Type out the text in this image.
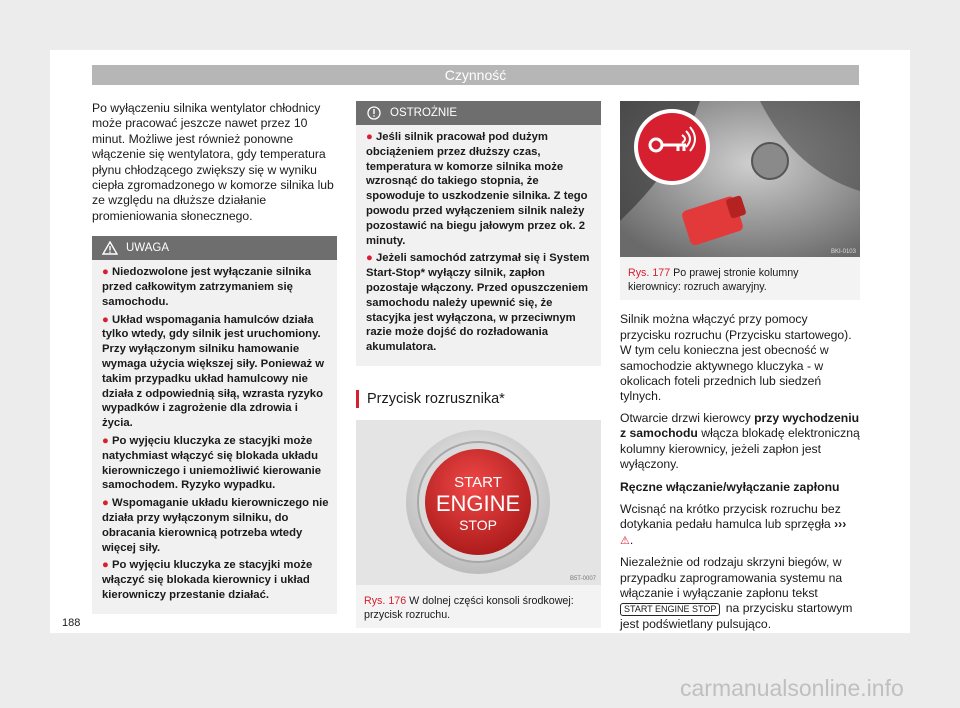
Czynność

Po wyłączeniu silnika wentylator chłodnicy może pracować jeszcze nawet przez 10 minut. Możliwe jest również ponowne włączenie się wentylatora, gdy temperatura płynu chłodzącego zwiększy się w wyniku ciepła zgromadzonego w komorze silnika lub ze względu na dłuższe działanie promieniowania słonecznego.

UWAGA
● Niedozwolone jest wyłączanie silnika przed całkowitym zatrzymaniem się samochodu.
● Układ wspomagania hamulców działa tylko wtedy, gdy silnik jest uruchomiony. Przy wyłączonym silniku hamowanie wymaga użycia większej siły. Ponieważ w takim przypadku układ hamulcowy nie działa z odpowiednią siłą, wzrasta ryzyko wypadków i zagrożenie dla zdrowia i życia.
● Po wyjęciu kluczyka ze stacyjki może natychmiast włączyć się blokada układu kierowniczego i uniemożliwić kierowanie samochodem. Ryzyko wypadku.
● Wspomaganie układu kierowniczego nie działa przy wyłączonym silniku, do obracania kierownicą potrzeba wtedy więcej siły.
● Po wyjęciu kluczyka ze stacyjki może włączyć się blokada kierownicy i układ kierowniczy przestanie działać.
OSTROŻNIE
● Jeśli silnik pracował pod dużym obciążeniem przez dłuższy czas, temperatura w komorze silnika może wzrosnąć do takiego stopnia, że spowoduje to uszkodzenie silnika. Z tego powodu przed wyłączeniem silnik należy pozostawić na biegu jałowym przez ok. 2 minuty.
● Jeżeli samochód zatrzymał się i System Start-Stop* wyłączy silnik, zapłon pozostaje włączony. Przed opuszczeniem samochodu należy upewnić się, że stacyjka jest wyłączona, w przeciwnym razie może dojść do rozładowania akumulatora.
Przycisk rozrusznika*
START
ENGINE
STOP
B5T-0007
Rys. 176 W dolnej części konsoli środkowej: przycisk rozruchu.
BKI-0103
Rys. 177 Po prawej stronie kolumny kierownicy: rozruch awaryjny.

Silnik można włączyć przy pomocy przycisku rozruchu (Przycisku startowego). W tym celu konieczna jest obecność w samochodzie aktywnego kluczyka - w okolicach foteli przednich lub siedzeń tylnych.

Otwarcie drzwi kierowcy przy wychodzeniu z samochodu włącza blokadę elektroniczną kolumny kierownicy, jeżeli zapłon jest wyłączony.

Ręczne włączanie/wyłączanie zapłonu

Wcisnąć na krótko przycisk rozruchu bez dotykania pedału hamulca lub sprzęgła ››› ⚠.

Niezależnie od rodzaju skrzyni biegów, w przypadku zaprogramowania systemu na włączanie i wyłączanie zapłonu tekst START ENGINE STOP na przycisku startowym jest podświetlany pulsująco.

188
carmanualsonline.info
